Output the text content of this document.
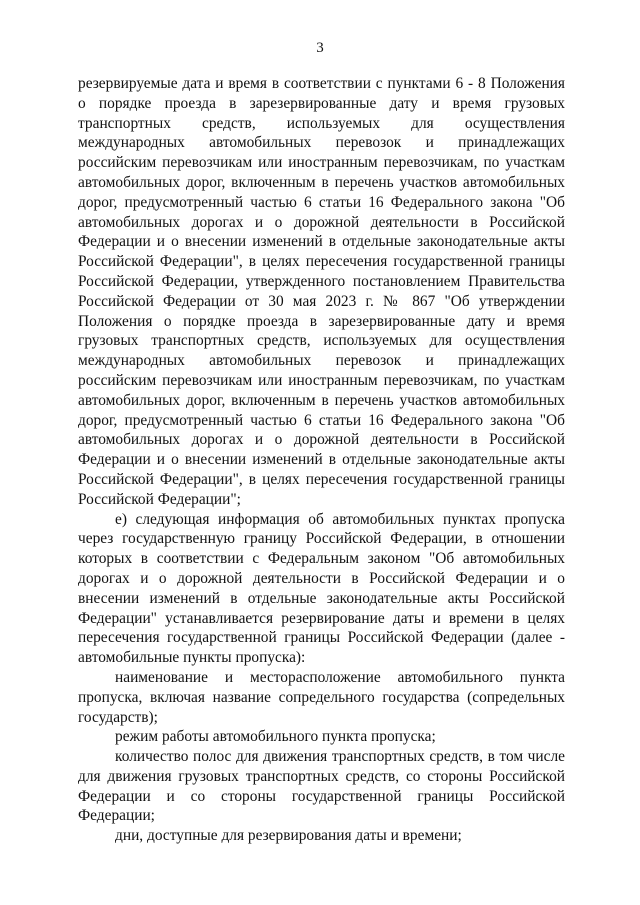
3

резервируемые дата и время в соответствии с пунктами 6 - 8 Положения о порядке проезда в зарезервированные дату и время грузовых транспортных средств, используемых для осуществления международных автомобильных перевозок и принадлежащих российским перевозчикам или иностранным перевозчикам, по участкам автомобильных дорог, включенным в перечень участков автомобильных дорог, предусмотренный частью 6 статьи 16 Федерального закона "Об автомобильных дорогах и о дорожной деятельности в Российской Федерации и о внесении изменений в отдельные законодательные акты Российской Федерации", в целях пересечения государственной границы Российской Федерации, утвержденного постановлением Правительства Российской Федерации от 30 мая 2023 г. № 867 "Об утверждении Положения о порядке проезда в зарезервированные дату и время грузовых транспортных средств, используемых для осуществления международных автомобильных перевозок и принадлежащих российским перевозчикам или иностранным перевозчикам, по участкам автомобильных дорог, включенным в перечень участков автомобильных дорог, предусмотренный частью 6 статьи 16 Федерального закона "Об автомобильных дорогах и о дорожной деятельности в Российской Федерации и о внесении изменений в отдельные законодательные акты Российской Федерации", в целях пересечения государственной границы Российской Федерации";

е) следующая информация об автомобильных пунктах пропуска через государственную границу Российской Федерации, в отношении которых в соответствии с Федеральным законом "Об автомобильных дорогах и о дорожной деятельности в Российской Федерации и о внесении изменений в отдельные законодательные акты Российской Федерации" устанавливается резервирование даты и времени в целях пересечения государственной границы Российской Федерации (далее - автомобильные пункты пропуска):

наименование и месторасположение автомобильного пункта пропуска, включая название сопредельного государства (сопредельных государств);

режим работы автомобильного пункта пропуска;

количество полос для движения транспортных средств, в том числе для движения грузовых транспортных средств, со стороны Российской Федерации и со стороны государственной границы Российской Федерации;

дни, доступные для резервирования даты и времени;
